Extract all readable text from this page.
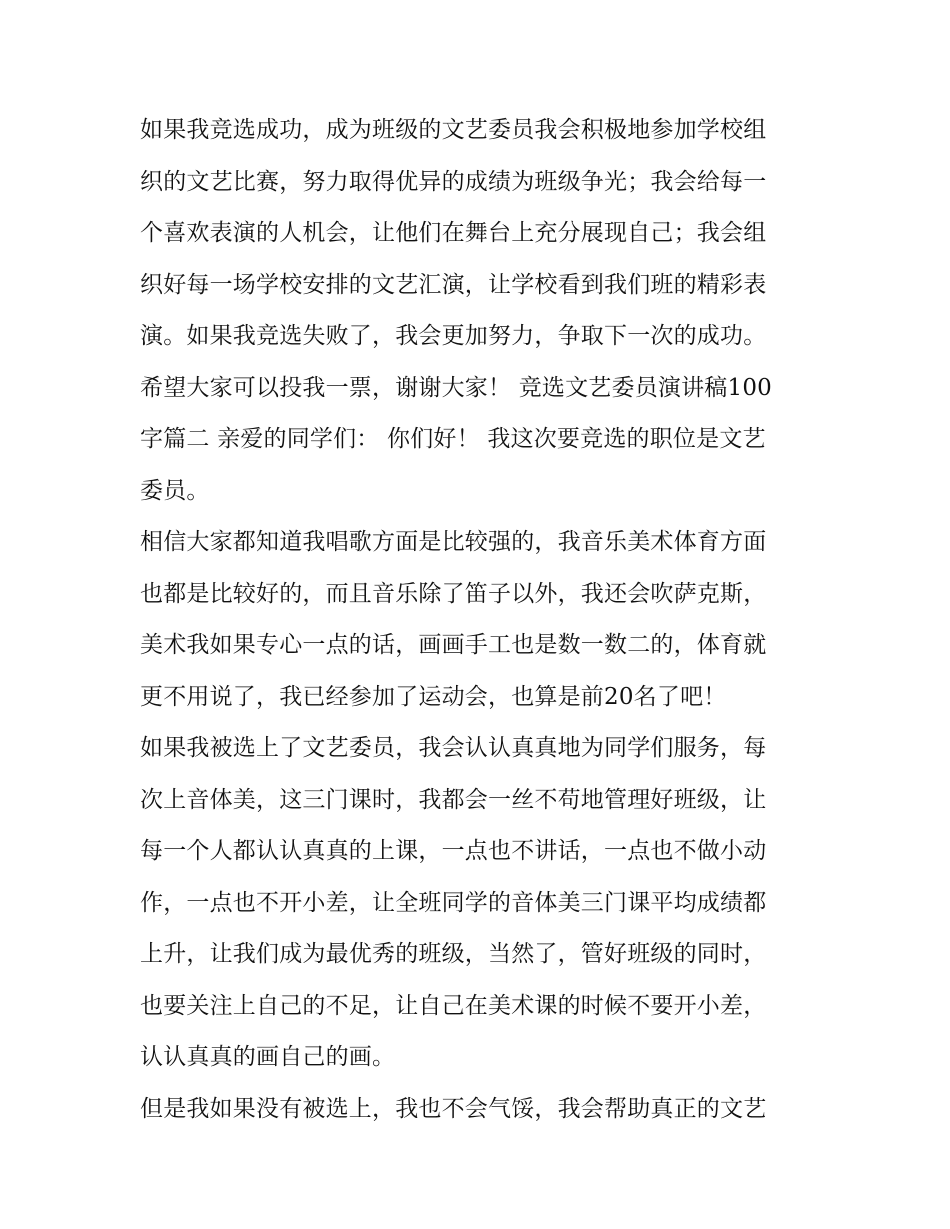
如果我竞选成功，成为班级的文艺委员我会积极地参加学校组
织的文艺比赛，努力取得优异的成绩为班级争光；我会给每一
个喜欢表演的人机会，让他们在舞台上充分展现自己；我会组
织好每一场学校安排的文艺汇演，让学校看到我们班的精彩表
演。如果我竞选失败了，我会更加努力，争取下一次的成功。
希望大家可以投我一票，谢谢大家！ 竞选文艺委员演讲稿100
字篇二 亲爱的同学们： 你们好！ 我这次要竞选的职位是文艺
委员。
相信大家都知道我唱歌方面是比较强的，我音乐美术体育方面
也都是比较好的，而且音乐除了笛子以外，我还会吹萨克斯，
美术我如果专心一点的话，画画手工也是数一数二的，体育就
更不用说了，我已经参加了运动会，也算是前20名了吧！
如果我被选上了文艺委员，我会认认真真地为同学们服务，每
次上音体美，这三门课时，我都会一丝不苟地管理好班级，让
每一个人都认认真真的上课，一点也不讲话，一点也不做小动
作，一点也不开小差，让全班同学的音体美三门课平均成绩都
上升，让我们成为最优秀的班级，当然了，管好班级的同时，
也要关注上自己的不足，让自己在美术课的时候不要开小差，
认认真真的画自己的画。
但是我如果没有被选上，我也不会气馁，我会帮助真正的文艺
